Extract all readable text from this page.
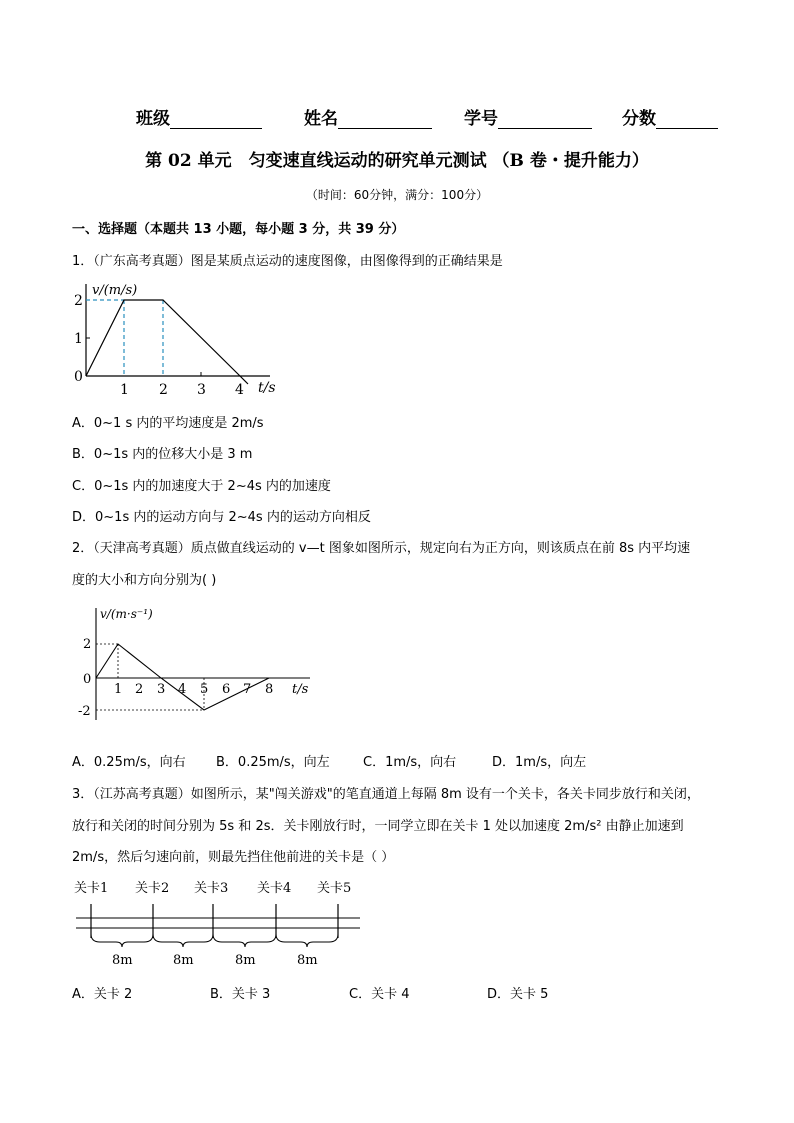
班级	姓名	学号	分数
第 02 单元　匀变速直线运动的研究单元测试 （B 卷・提升能力）
（时间：60分钟，满分：100分）
一、选择题（本题共 13 小题，每小题 3 分，共 39 分）
1．（广东高考真题）图是某质点运动的速度图像，由图像得到的正确结果是
v/(m/s)
2
1
0
1 2 3 4 t/s
A．0~1 s 内的平均速度是 2m/s
B．0~1s 内的位移大小是 3 m
C．0~1s 内的加速度大于 2~4s 内的加速度
D．0~1s 内的运动方向与 2~4s 内的运动方向相反
2．（天津高考真题）质点做直线运动的 v—t 图象如图所示，规定向右为正方向，则该质点在前 8s 内平均速
度的大小和方向分别为( )
v/(m·s⁻¹)
2
0
-2
1 2 3 4 5 6 7 8 t/s
A．0.25m/s，向右 B．0.25m/s，向左	C．1m/s，向右	D．1m/s，向左
3．（江苏高考真题）如图所示，某"闯关游戏"的笔直通道上每隔 8m 设有一个关卡，各关卡同步放行和关闭，
放行和关闭的时间分别为 5s 和 2s．关卡刚放行时，一同学立即在关卡 1 处以加速度 2m/s² 由静止加速到
2m/s，然后匀速向前，则最先挡住他前进的关卡是（ ）
关卡1 关卡2 关卡3 关卡4 关卡5
8m	8m	8m	8m
A．关卡 2	B．关卡 3	C．关卡 4	D．关卡 5
